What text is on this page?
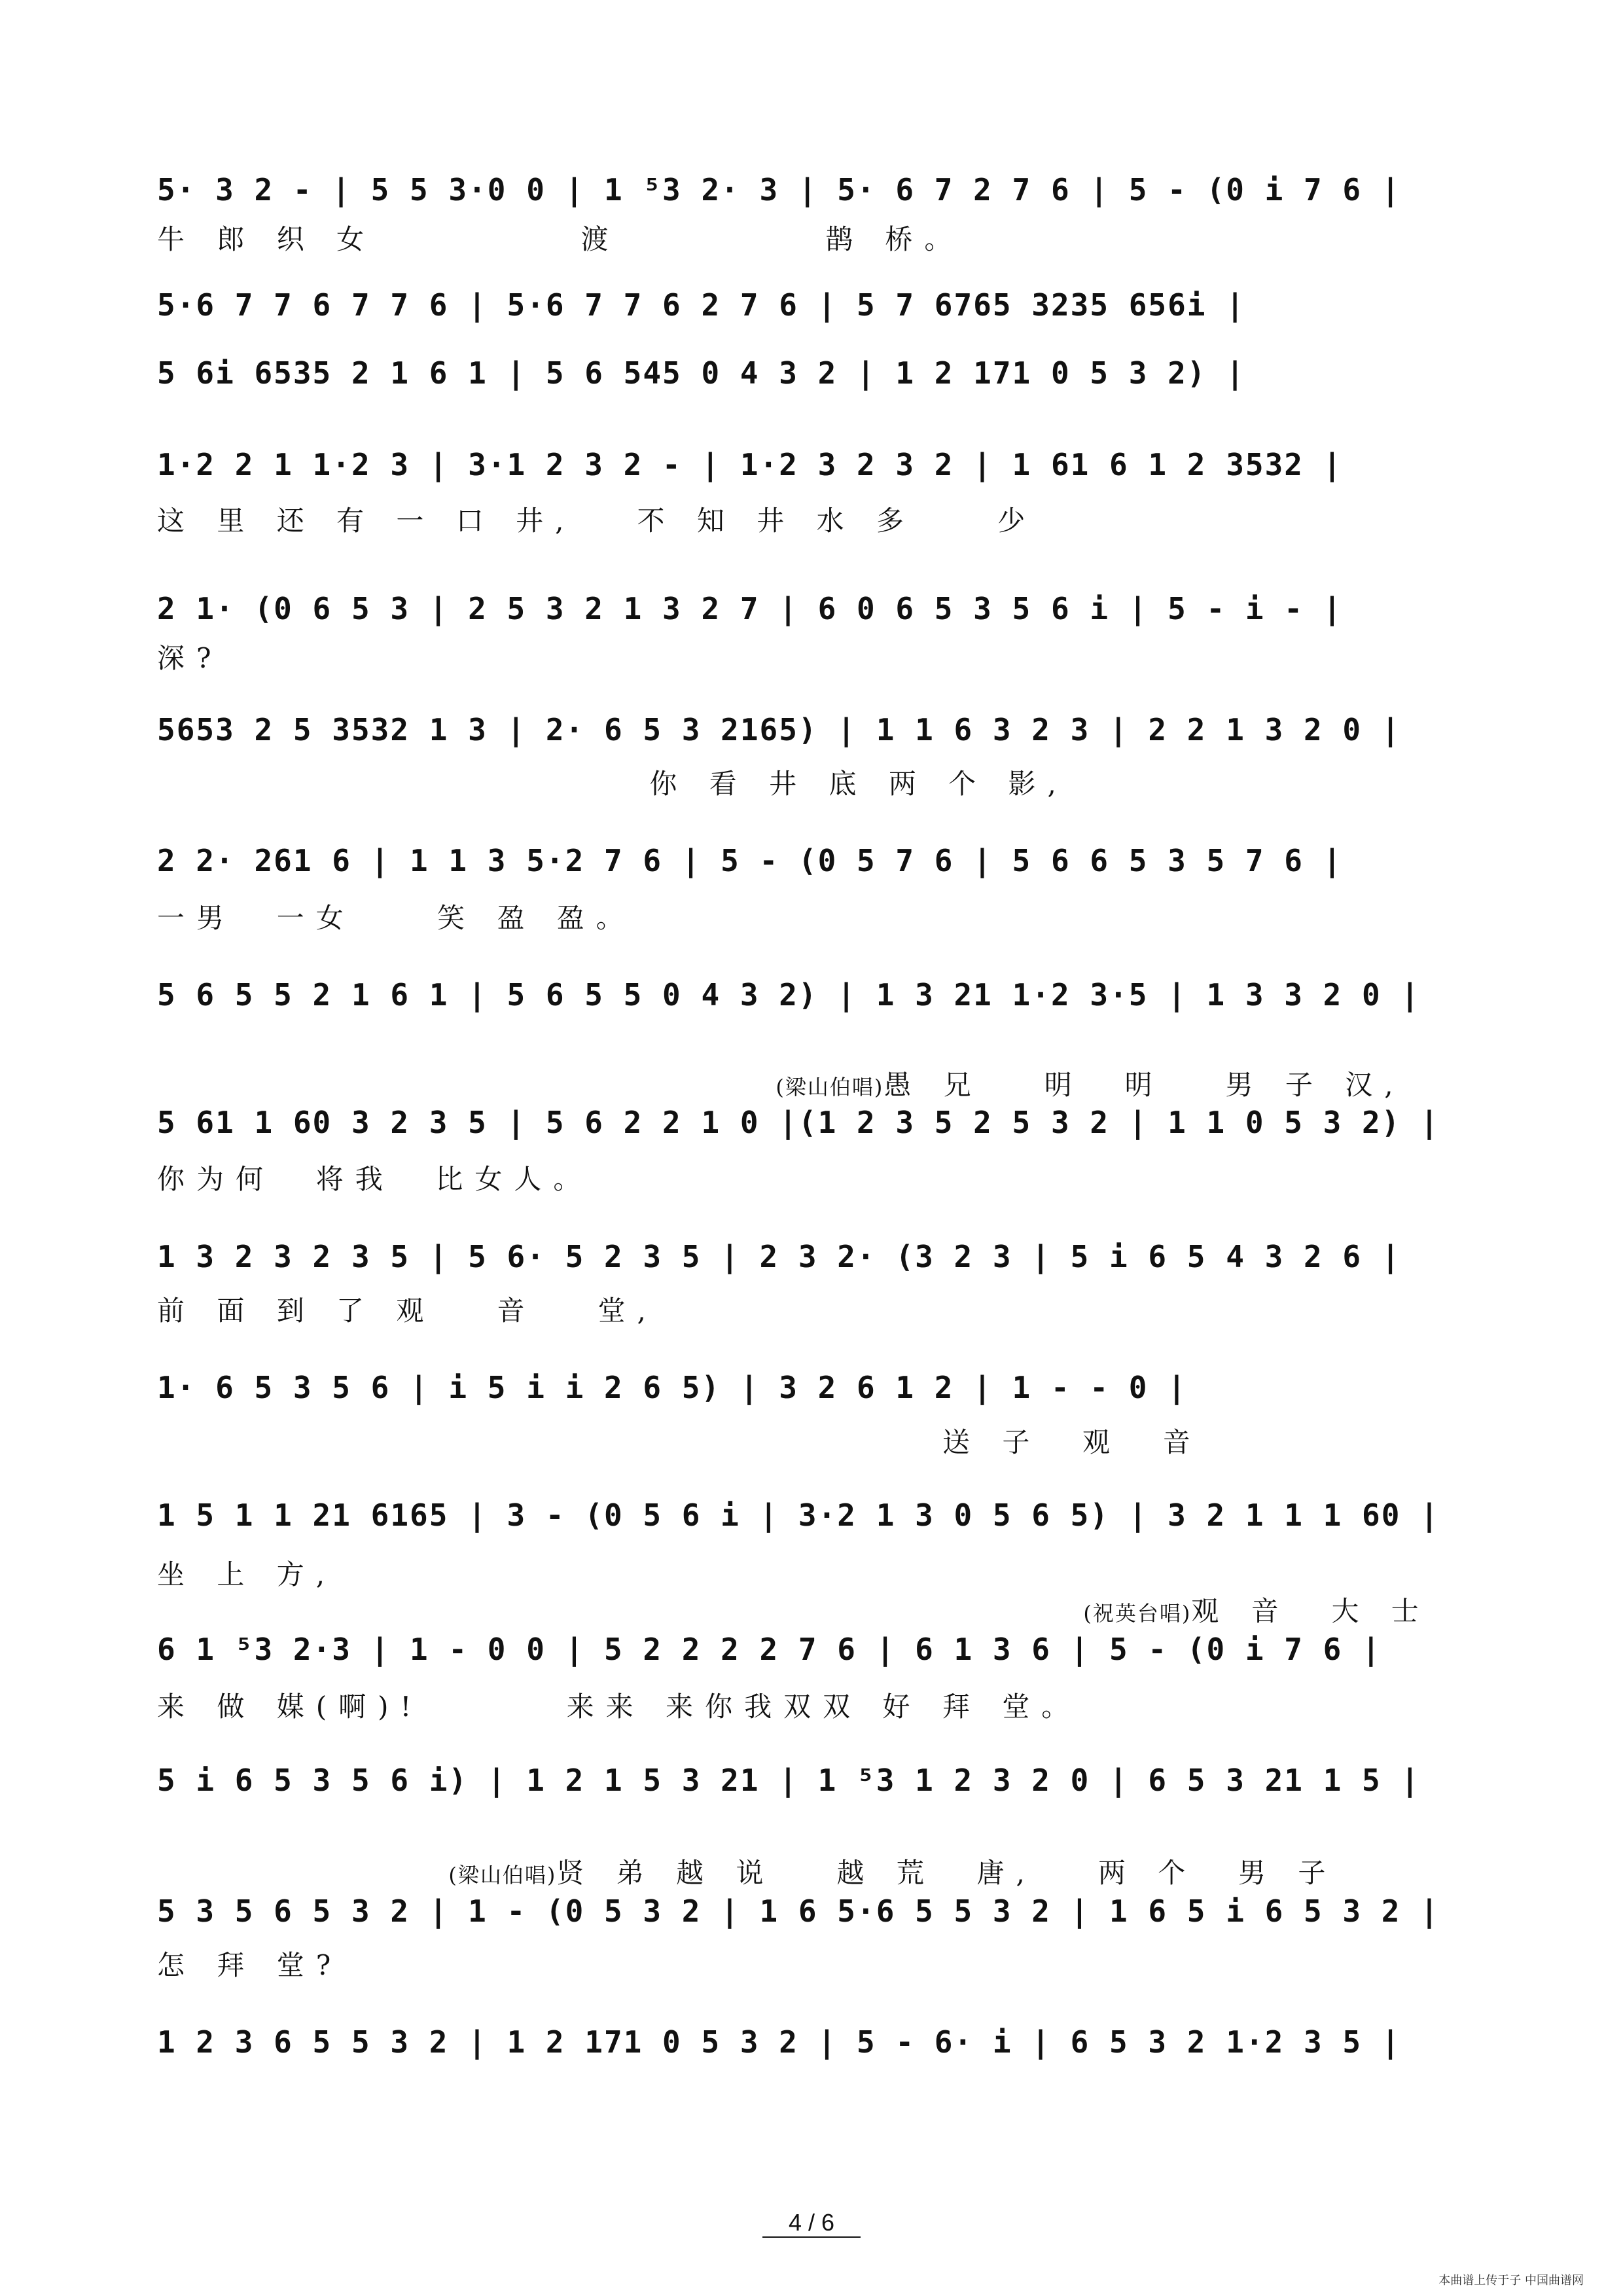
5· 3 2 - | 5 5 3·0 0 | 1 ⁵3 2· 3 | 5· 6 7 2 7 6 | 5 - (0 i 7 6 |
牛 郎 织 女          渡          鹊 桥。
5·6 7 7 6 7 7 6 | 5·6 7 7 6 2 7 6 | 5 7 6765 3235 656i |
5 6i 6535 2 1 6 1 | 5 6 545 0 4 3 2 | 1 2 171 0 5 3 2) |
1·2 2 1 1·2 3 | 3·1 2 3 2 - | 1·2 3 2 3 2 | 1 61 6 1 2 3532 |
这 里 还 有 一 口 井,   不 知 井 水 多    少
2 1· (0 6 5 3 | 2 5 3 2 1 3 2 7 | 6 0 6 5 3 5 6 i | 5 - i - |
深?
5653 2 5 3532 1 3 | 2· 6 5 3 2165) | 1 1 6 3 2 3 | 2 2 1 3 2 0 |
你 看 井 底 两 个 影,
2 2· 261 6 | 1 1 3 5·2 7 6 | 5 - (0 5 7 6 | 5 6 6 5 3 5 7 6 |
一男  一女    笑 盈 盈。
5 6 5 5 2 1 6 1 | 5 6 5 5 0 4 3 2) | 1 3 21 1·2 3·5 | 1 3 3 2 0 |

(梁山伯唱)愚 兄   明  明   男 子 汉,

5 61 1 60 3 2 3 5 | 5 6 2 2 1 0 |(1 2 3 5 2 5 3 2 | 1 1 0 5 3 2) |
你为何  将我  比女人。
1 3 2 3 2 3 5 | 5 6· 5 2 3 5 | 2 3 2· (3 2 3 | 5 i 6 5 4 3 2 6 |
前 面 到 了 观   音   堂,
1· 6 5 3 5 6 | i 5 i i 2 6 5) | 3 2 6 1 2 | 1 - - 0 |
送 子  观  音
1 5 1 1 21 6165 | 3 - (0 5 6 i | 3·2 1 3 0 5 6 5) | 3 2 1 1 1 60 |
坐 上 方,

(祝英台唱)观 音  大 士

6 1 ⁵3 2·3 | 1 - 0 0 | 5 2 2 2 2 7 6 | 6 1 3 6 | 5 - (0 i 7 6 |
来 做 媒(啊)!       来来 来你我双双 好 拜 堂。
5 i 6 5 3 5 6 i) | 1 2 1 5 3 21 | 1 ⁵3 1 2 3 2 0 | 6 5 3 21 1 5 |

(梁山伯唱)贤 弟 越 说   越 荒  唐,   两 个  男 子

5 3 5 6 5 3 2 | 1 - (0 5 3 2 | 1 6 5·6 5 5 3 2 | 1 6 5 i 6 5 3 2 |
怎 拜 堂?
1 2 3 6 5 5 3 2 | 1 2 171 0 5 3 2 | 5 - 6· i | 6 5 3 2 1·2 3 5 |
4 / 6
本曲谱上传于子 中国曲谱网
